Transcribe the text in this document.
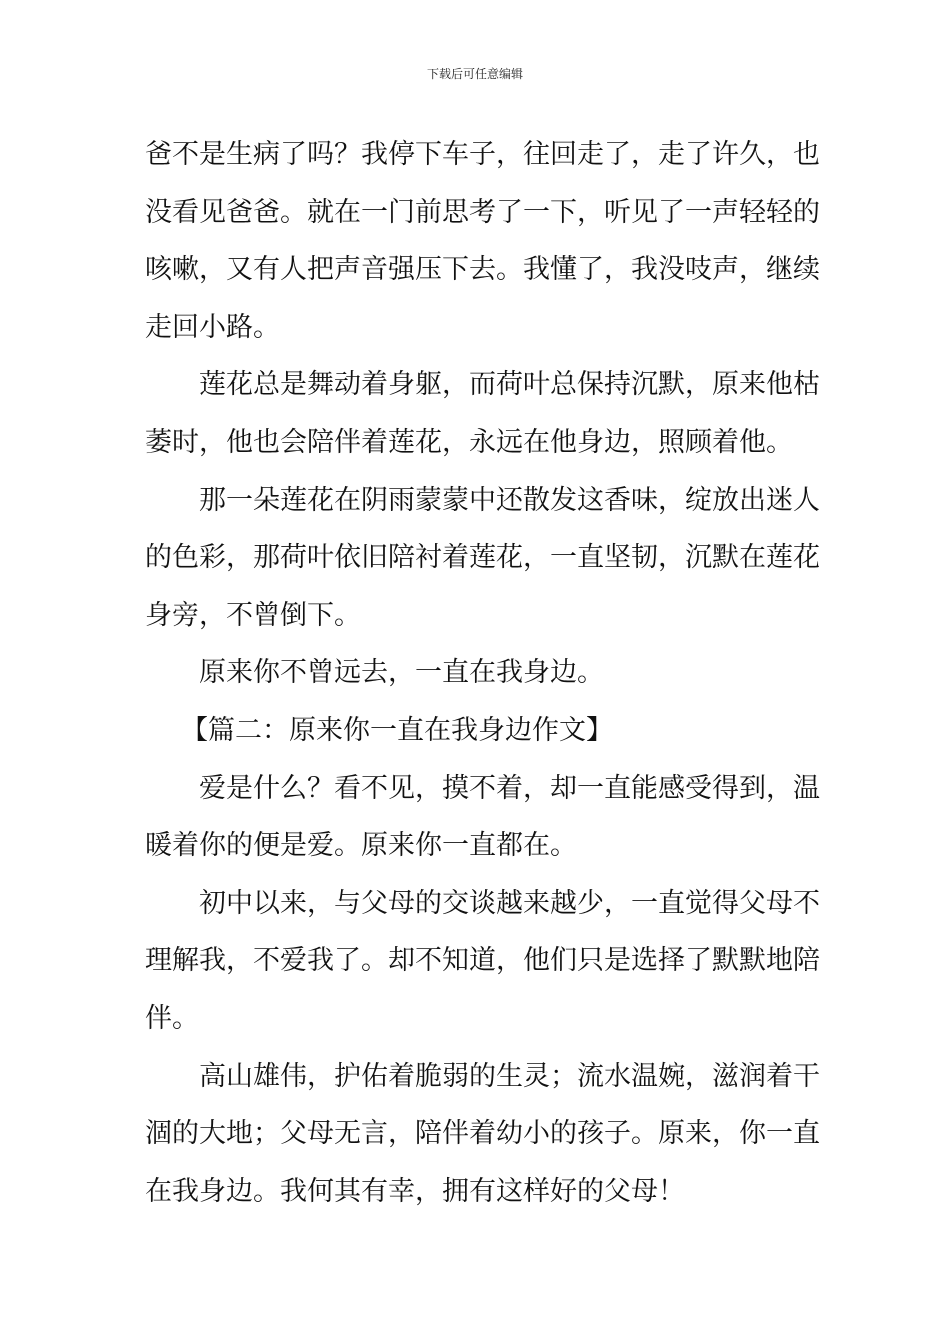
下载后可任意编辑
爸不是生病了吗？我停下车子，往回走了，走了许久，也
没看见爸爸。就在一门前思考了一下，听见了一声轻轻的
咳嗽，又有人把声音强压下去。我懂了，我没吱声，继续
走回小路。
莲花总是舞动着身躯，而荷叶总保持沉默，原来他枯
萎时，他也会陪伴着莲花，永远在他身边，照顾着他。
那一朵莲花在阴雨蒙蒙中还散发这香味，绽放出迷人
的色彩，那荷叶依旧陪衬着莲花，一直坚韧，沉默在莲花
身旁，不曾倒下。
原来你不曾远去，一直在我身边。
【篇二：原来你一直在我身边作文】
爱是什么？看不见，摸不着，却一直能感受得到，温
暖着你的便是爱。原来你一直都在。
初中以来，与父母的交谈越来越少，一直觉得父母不
理解我，不爱我了。却不知道，他们只是选择了默默地陪
伴。
高山雄伟，护佑着脆弱的生灵；流水温婉，滋润着干
涸的大地；父母无言，陪伴着幼小的孩子。原来，你一直
在我身边。我何其有幸，拥有这样好的父母！
